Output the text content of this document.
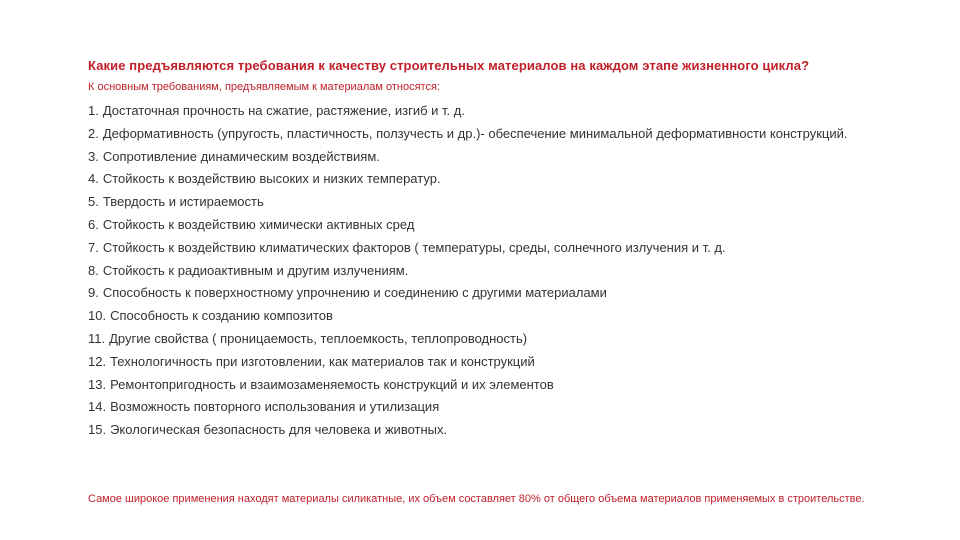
Какие предъявляются требования к качеству строительных материалов на каждом этапе жизненного цикла?
К основным требованиям, предъявляемым к материалам относятся:
1. Достаточная прочность на сжатие, растяжение, изгиб и т. д.
2. Деформативность (упругость, пластичность, ползучесть и др.)- обеспечение минимальной деформативности конструкций.
3. Сопротивление динамическим воздействиям.
4. Стойкость к воздействию высоких и низких температур.
5. Твердость и истираемость
6. Стойкость к воздействию химически активных сред
7. Стойкость к воздействию климатических факторов ( температуры, среды, солнечного излучения и т. д.
8. Стойкость к радиоактивным и другим излучениям.
9. Способность к поверхностному упрочнению и соединению с другими материалами
10. Способность к созданию композитов
11. Другие свойства ( проницаемость, теплоемкость, теплопроводность)
12. Технологичность при изготовлении, как материалов так и конструкций
13. Ремонтопригодность и взаимозаменяемость конструкций и их элементов
14. Возможность повторного использования и утилизация
15. Экологическая безопасность для человека и животных.
Самое широкое применения находят материалы силикатные, их объем составляет 80% от общего объема материалов применяемых в строительстве.
